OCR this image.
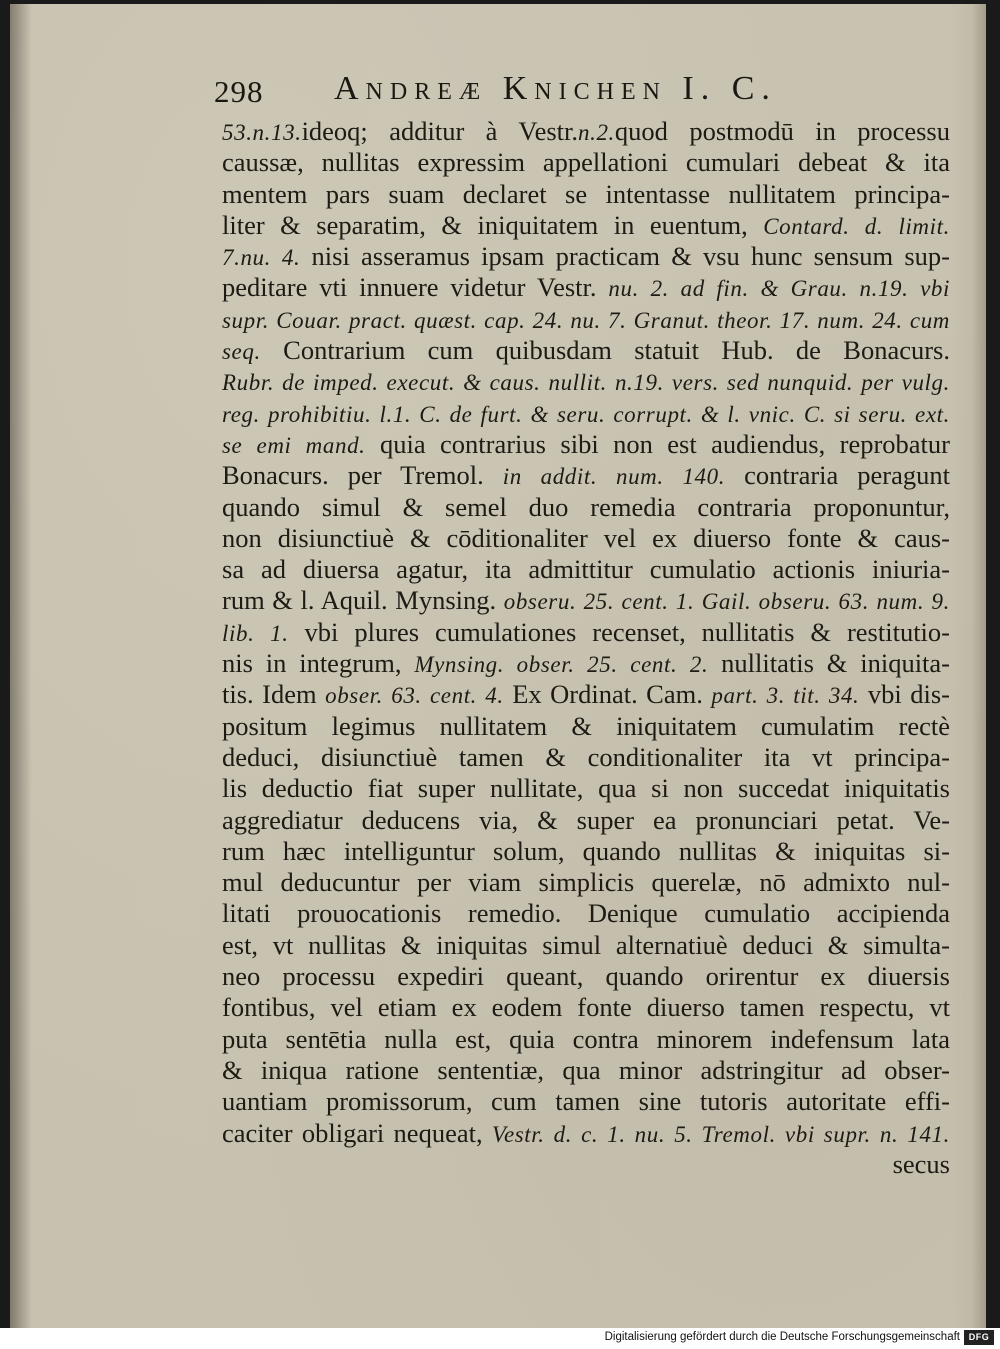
298 Andreæ Knichen I. C.
53.n.13.ideoq; additur à Vestr.n.2.quod postmodū in processu
caussæ, nullitas expressim appellationi cumulari debeat & ita
mentem pars suam declaret se intentasse nullitatem principa-
liter & separatim, & iniquitatem in euentum, Contard. d. limit.
7.nu. 4. nisi asseramus ipsam practicam & vsu hunc sensum sup-
peditare vti innuere videtur Vestr. nu. 2. ad fin. & Grau. n.19. vbi
supr. Couar. pract. quæst. cap. 24. nu. 7. Granut. theor. 17. num. 24. cum
seq. Contrarium cum quibusdam statuit Hub. de Bonacurs.
Rubr. de imped. execut. & caus. nullit. n.19. vers. sed nunquid. per vulg.
reg. prohibitiu. l.1. C. de furt. & seru. corrupt. & l. vnic. C. si seru. ext.
se emi mand. quia contrarius sibi non est audiendus, reprobatur
Bonacurs. per Tremol. in addit. num. 140. contraria peragunt
quando simul & semel duo remedia contraria proponuntur,
non disiunctiuè & cōditionaliter vel ex diuerso fonte & caus-
sa ad diuersa agatur, ita admittitur cumulatio actionis iniuria-
rum & l. Aquil. Mynsing. obseru. 25. cent. 1. Gail. obseru. 63. num. 9.
lib. 1. vbi plures cumulationes recenset, nullitatis & restitutio-
nis in integrum, Mynsing. obser. 25. cent. 2. nullitatis & iniquita-
tis. Idem obser. 63. cent. 4. Ex Ordinat. Cam. part. 3. tit. 34. vbi dis-
positum legimus nullitatem & iniquitatem cumulatim rectè
deduci, disiunctiuè tamen & conditionaliter ita vt principa-
lis deductio fiat super nullitate, qua si non succedat iniquitatis
aggrediatur deducens via, & super ea pronunciari petat. Ve-
rum hæc intelliguntur solum, quando nullitas & iniquitas si-
mul deducuntur per viam simplicis querelæ, nō admixto nul-
litati prouocationis remedio. Denique cumulatio accipienda
est, vt nullitas & iniquitas simul alternatiuè deduci & simulta-
neo processu expediri queant, quando orirentur ex diuersis
fontibus, vel etiam ex eodem fonte diuerso tamen respectu, vt
puta sentētia nulla est, quia contra minorem indefensum lata
& iniqua ratione sententiæ, qua minor adstringitur ad obser-
uantiam promissorum, cum tamen sine tutoris autoritate effi-
caciter obligari nequeat, Vestr. d. c. 1. nu. 5. Tremol. vbi supr. n. 141.
secus
Digitalisierung gefördert durch die Deutsche Forschungsgemeinschaft DFG
